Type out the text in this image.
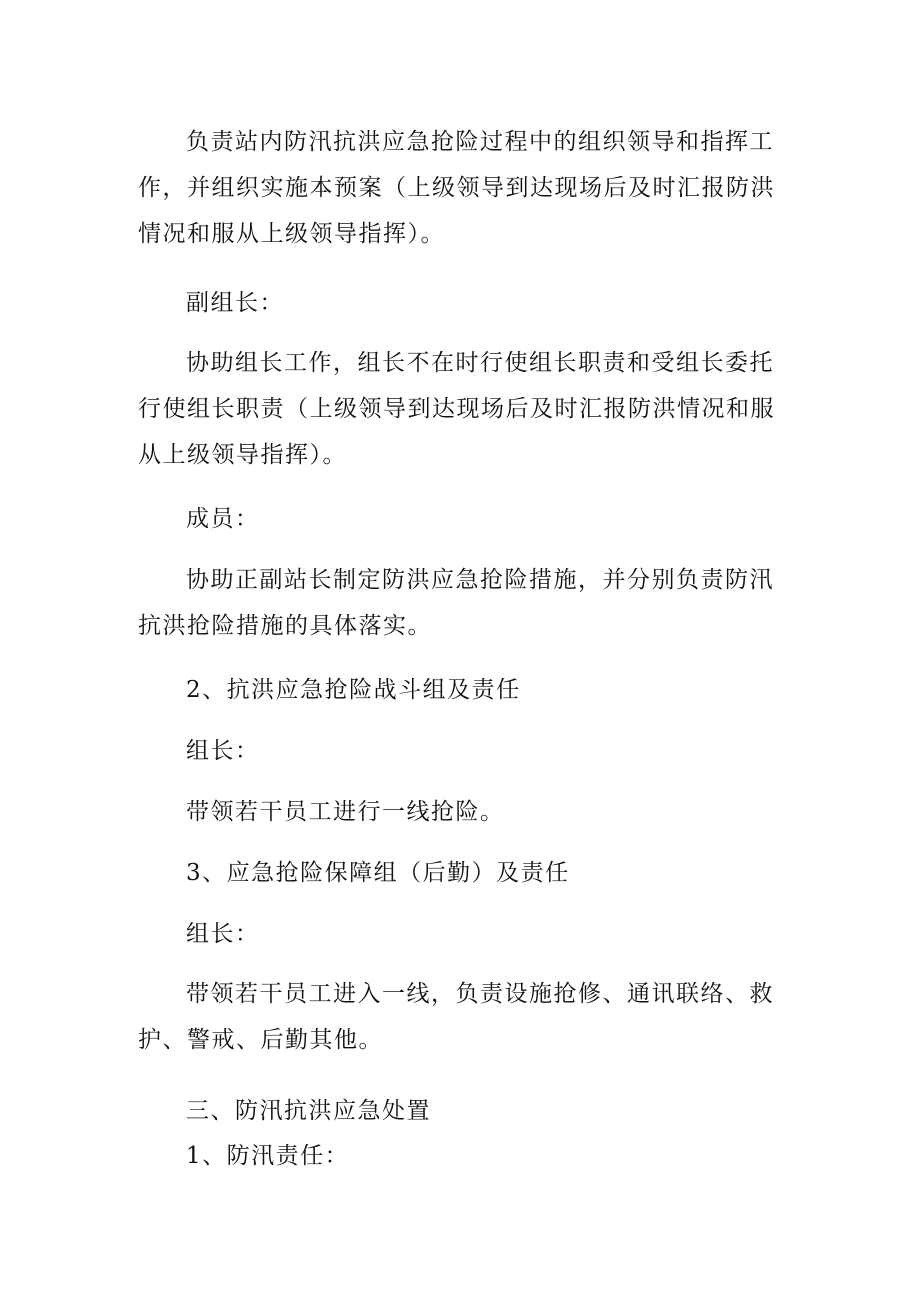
负责站内防汛抗洪应急抢险过程中的组织领导和指挥工作，并组织实施本预案（上级领导到达现场后及时汇报防洪情况和服从上级领导指挥）。

副组长：

协助组长工作，组长不在时行使组长职责和受组长委托行使组长职责（上级领导到达现场后及时汇报防洪情况和服从上级领导指挥）。

成员：

协助正副站长制定防洪应急抢险措施，并分别负责防汛抗洪抢险措施的具体落实。

2、抗洪应急抢险战斗组及责任

组长：

带领若干员工进行一线抢险。

3、应急抢险保障组（后勤）及责任

组长：

带领若干员工进入一线，负责设施抢修、通讯联络、救护、警戒、后勤其他。

三、防汛抗洪应急处置

1、防汛责任：
